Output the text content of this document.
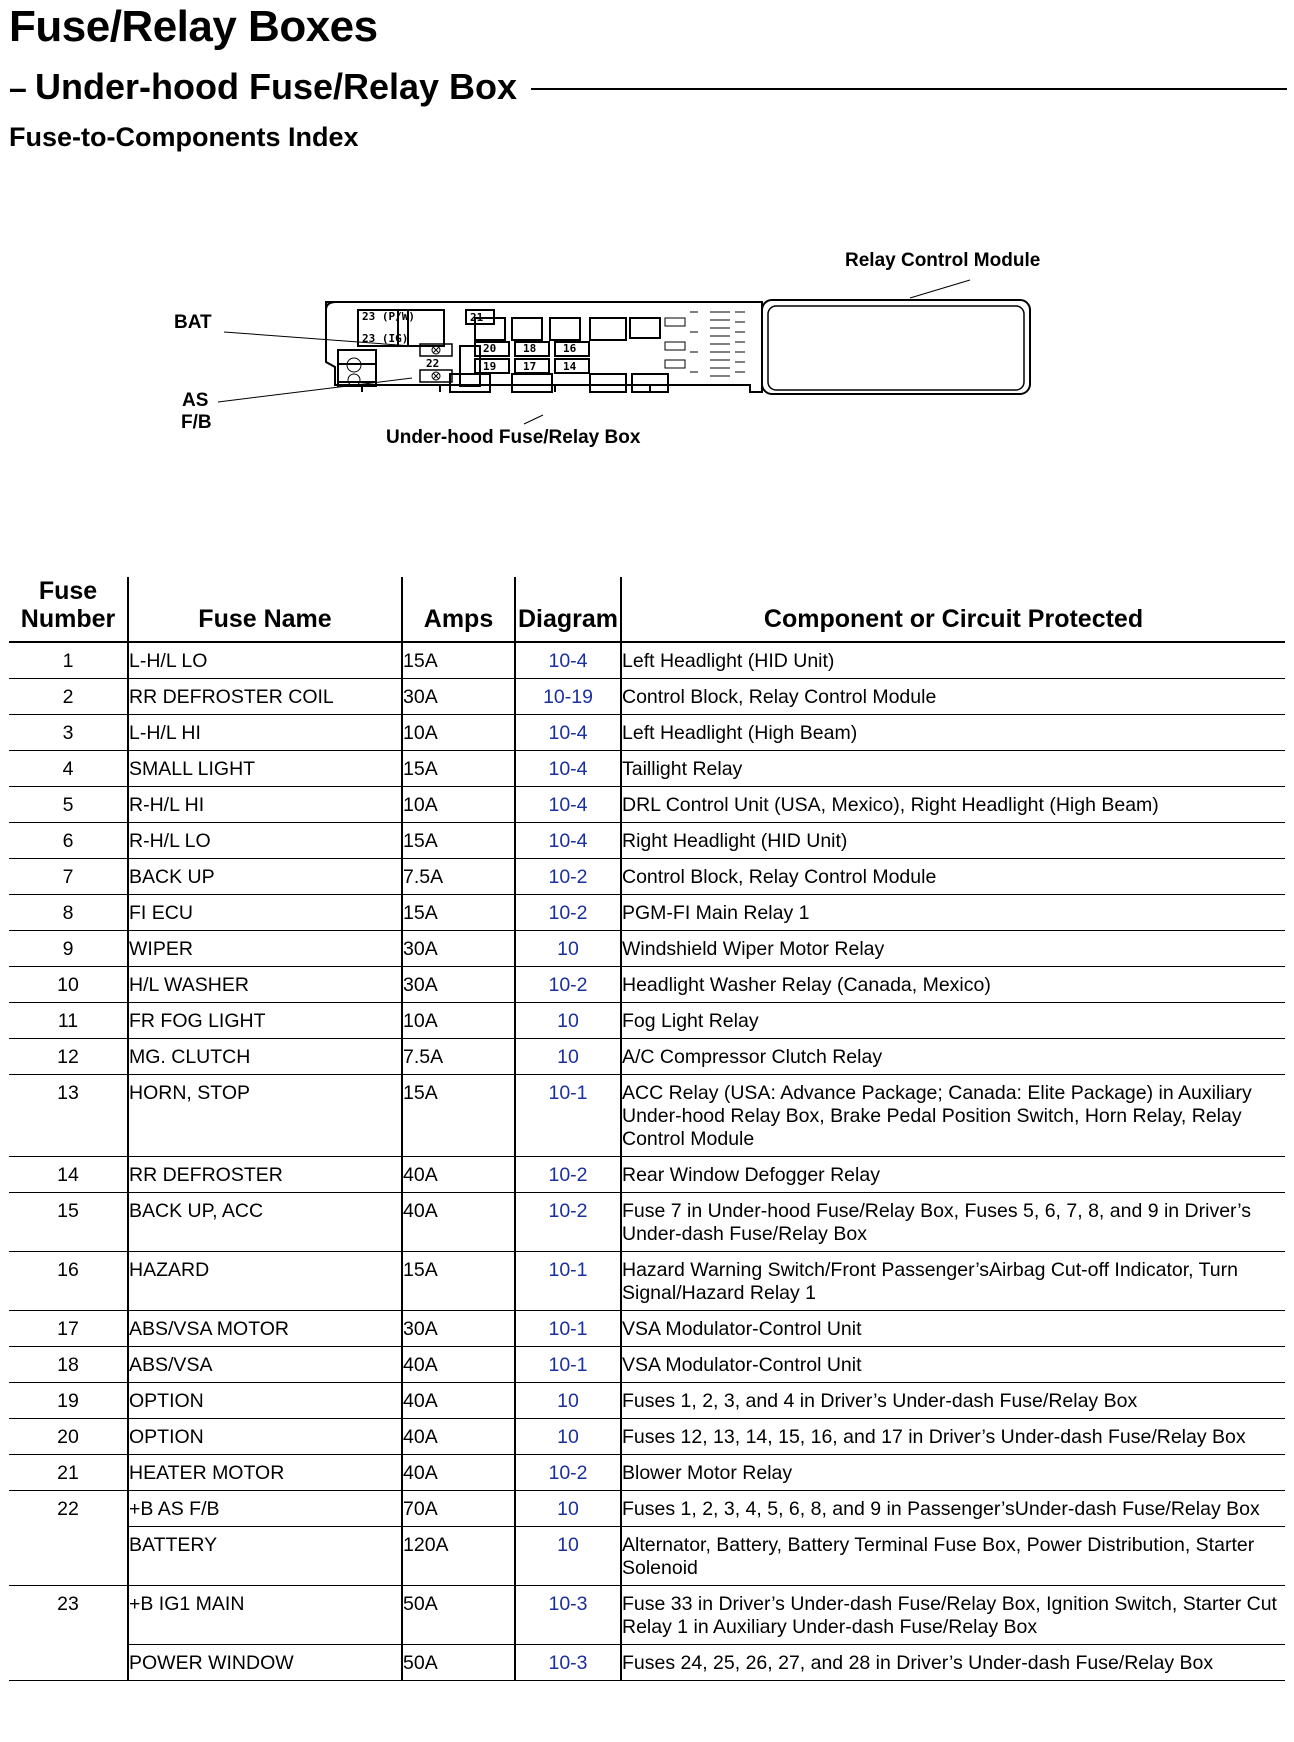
Fuse/Relay Boxes
– Under-hood Fuse/Relay Box
Fuse-to-Components Index
Relay Control Module
BAT
AS
F/B
Under-hood Fuse/Relay Box
23 (P/W)
23 (IG)
21
20 18 16
22	19 17 14
Fuse
Number	Fuse Name	Amps	Diagram	Component or Circuit Protected
1	L-H/L LO	15A	10-4	Left Headlight (HID Unit)
2	RR DEFROSTER COIL	30A	10-19	Control Block, Relay Control Module
3	L-H/L HI	10A	10-4	Left Headlight (High Beam)
4	SMALL LIGHT	15A	10-4	Taillight Relay
5	R-H/L HI	10A	10-4	DRL Control Unit (USA, Mexico), Right Headlight (High Beam)
6	R-H/L LO	15A	10-4	Right Headlight (HID Unit)
7	BACK UP	7.5A	10-2	Control Block, Relay Control Module
8	FI ECU	15A	10-2	PGM-FI Main Relay 1
9	WIPER	30A	10	Windshield Wiper Motor Relay
10	H/L WASHER	30A	10-2	Headlight Washer Relay (Canada, Mexico)
11	FR FOG LIGHT	10A	10	Fog Light Relay
12	MG. CLUTCH	7.5A	10	A/C Compressor Clutch Relay
13	HORN, STOP	15A	10-1	ACC Relay (USA: Advance Package; Canada: Elite Package) in Auxiliary Under-hood Relay Box, Brake Pedal Position Switch, Horn Relay, Relay Control Module
14	RR DEFROSTER	40A	10-2	Rear Window Defogger Relay
15	BACK UP, ACC	40A	10-2	Fuse 7 in Under-hood Fuse/Relay Box, Fuses 5, 6, 7, 8, and 9 in Driver’s Under-dash Fuse/Relay Box
16	HAZARD	15A	10-1	Hazard Warning Switch/Front Passenger’sAirbag Cut-off Indicator, Turn Signal/Hazard Relay 1
17	ABS/VSA MOTOR	30A	10-1	VSA Modulator-Control Unit
18	ABS/VSA	40A	10-1	VSA Modulator-Control Unit
19	OPTION	40A	10	Fuses 1, 2, 3, and 4 in Driver’s Under-dash Fuse/Relay Box
20	OPTION	40A	10	Fuses 12, 13, 14, 15, 16, and 17 in Driver’s Under-dash Fuse/Relay Box
21	HEATER MOTOR	40A	10-2	Blower Motor Relay
22	+B AS F/B	70A	10	Fuses 1, 2, 3, 4, 5, 6, 8, and 9 in Passenger’sUnder-dash Fuse/Relay Box
	BATTERY	120A	10	Alternator, Battery, Battery Terminal Fuse Box, Power Distribution, Starter Solenoid
23	+B IG1 MAIN	50A	10-3	Fuse 33 in Driver’s Under-dash Fuse/Relay Box, Ignition Switch, Starter Cut Relay 1 in Auxiliary Under-dash Fuse/Relay Box
	POWER WINDOW	50A	10-3	Fuses 24, 25, 26, 27, and 28 in Driver’s Under-dash Fuse/Relay Box
